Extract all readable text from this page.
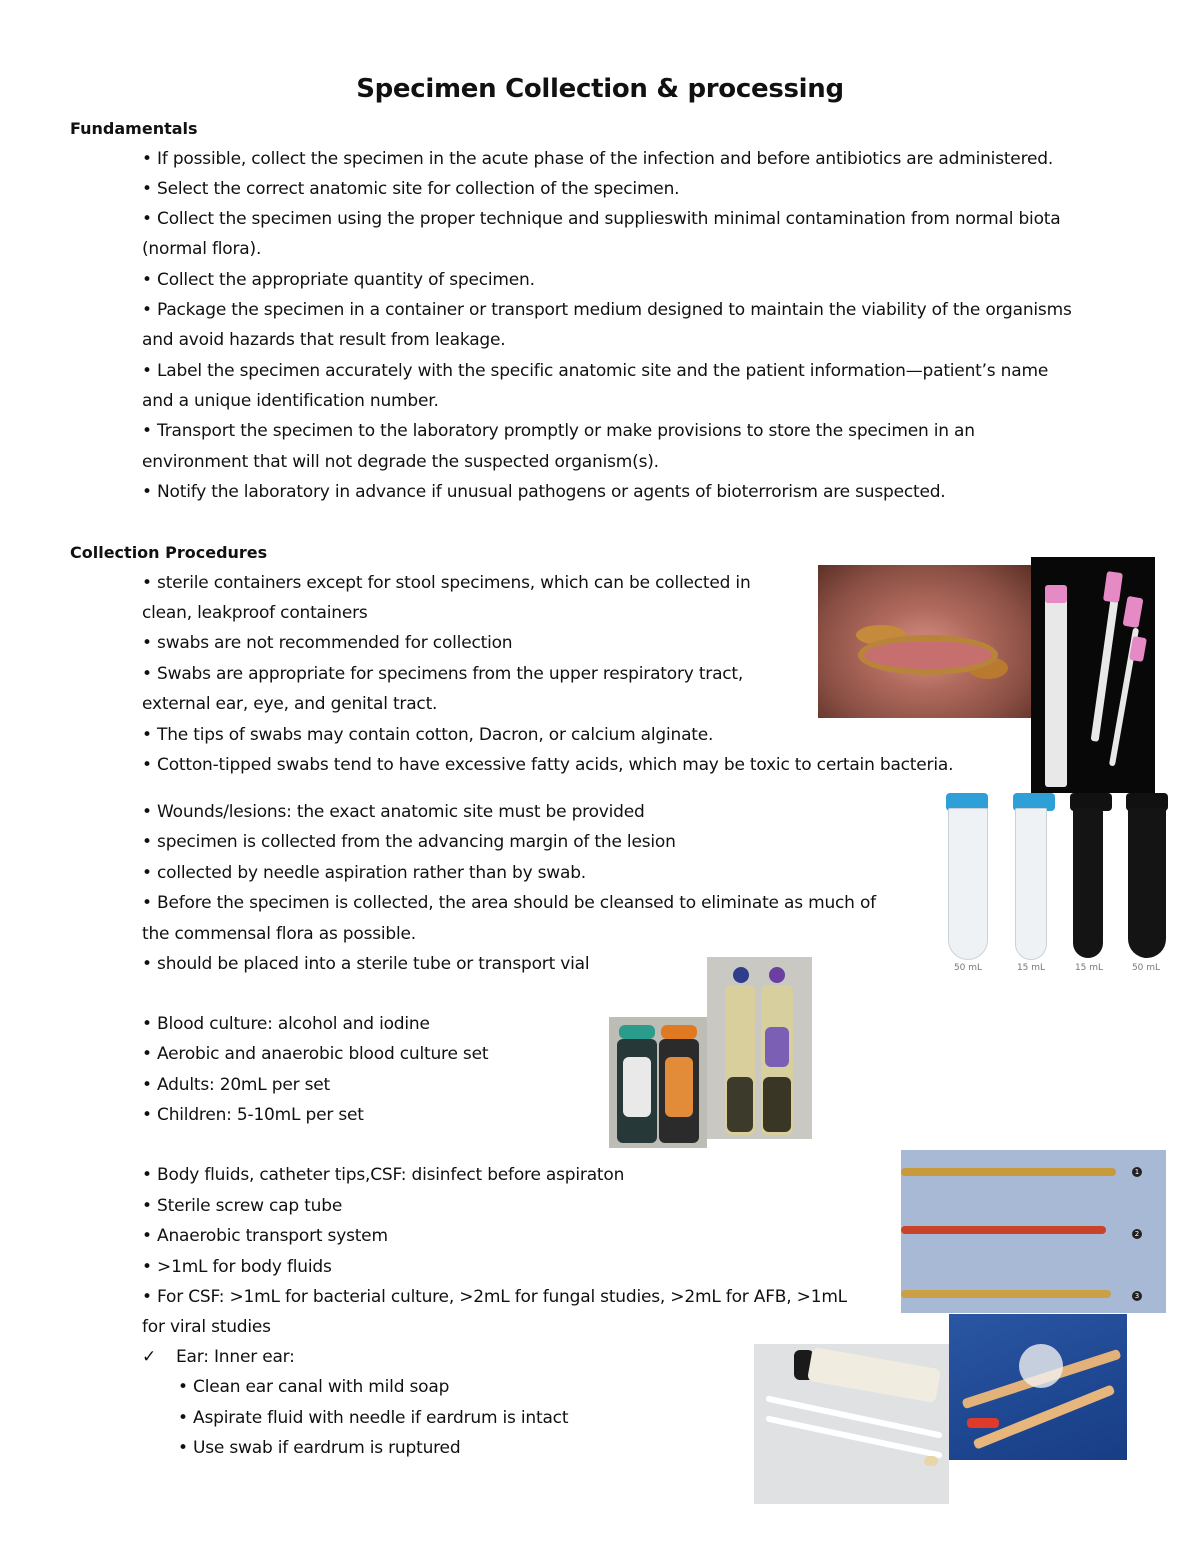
Specimen Collection & processing
Fundamentals
• If possible, collect the specimen in the acute phase of the infection and before antibiotics are administered.
• Select the correct anatomic site for collection of the specimen.
• Collect the specimen using the proper technique and supplieswith minimal contamination from normal biota
(normal flora).
• Collect the appropriate quantity of specimen.
• Package the specimen in a container or transport medium designed to maintain the viability of the organisms
and avoid hazards that result from leakage.
• Label the specimen accurately with the specific anatomic site and the patient information—patient’s name
and a unique identification number.
• Transport the specimen to the laboratory promptly or make provisions to store the specimen in an
environment that will not degrade the suspected organism(s).
• Notify the laboratory in advance if unusual pathogens or agents of bioterrorism are suspected.
Collection Procedures
• sterile containers except for stool specimens, which can be collected in
clean, leakproof containers
• swabs are not recommended for collection
• Swabs are appropriate for specimens from the upper respiratory tract,
external ear, eye, and genital tract.
• The tips of swabs may contain cotton, Dacron, or calcium alginate.
• Cotton-tipped swabs tend to have excessive fatty acids, which may be toxic to certain bacteria.
• Wounds/lesions: the exact anatomic site must be provided
• specimen is collected from the advancing margin of the lesion
• collected by needle aspiration rather than by swab.
• Before the specimen is collected, the area should be cleansed to eliminate as much of
the commensal flora as possible.
• should be placed into a sterile tube or transport vial
• Blood culture: alcohol and iodine
• Aerobic and anaerobic blood culture set
• Adults: 20mL per set
• Children: 5-10mL per set
• Body fluids, catheter tips,CSF: disinfect before aspiraton
• Sterile screw cap tube
• Anaerobic transport system
• >1mL for body fluids
• For CSF: >1mL for bacterial culture, >2mL for fungal studies, >2mL for AFB, >1mL
for viral studies
✓ Ear: Inner ear:
• Clean ear canal with mild soap
• Aspirate fluid with needle if eardrum is intact
• Use swab if eardrum is ruptured
50 mL	15 mL	15 mL	50 mL
1
2
3
